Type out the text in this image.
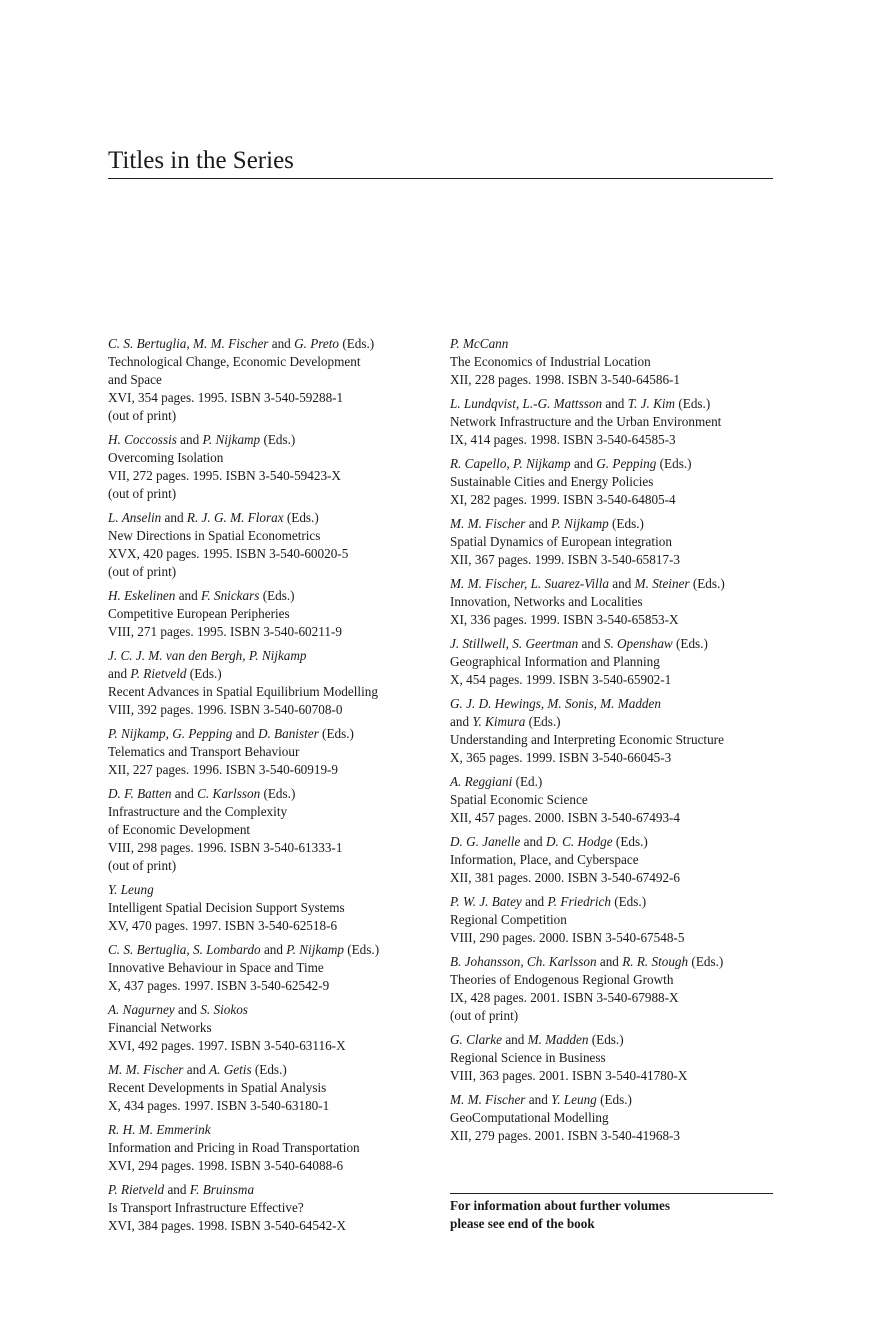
Titles in the Series
C. S. Bertuglia, M. M. Fischer and G. Preto (Eds.)
Technological Change, Economic Development
and Space
XVI, 354 pages. 1995. ISBN 3-540-59288-1
(out of print)
H. Coccossis and P. Nijkamp (Eds.)
Overcoming Isolation
VII, 272 pages. 1995. ISBN 3-540-59423-X
(out of print)
L. Anselin and R. J. G. M. Florax (Eds.)
New Directions in Spatial Econometrics
XVX, 420 pages. 1995. ISBN 3-540-60020-5
(out of print)
H. Eskelinen and F. Snickars (Eds.)
Competitive European Peripheries
VIII, 271 pages. 1995. ISBN 3-540-60211-9
J. C. J. M. van den Bergh, P. Nijkamp
and P. Rietveld (Eds.)
Recent Advances in Spatial Equilibrium Modelling
VIII, 392 pages. 1996. ISBN 3-540-60708-0
P. Nijkamp, G. Pepping and D. Banister (Eds.)
Telematics and Transport Behaviour
XII, 227 pages. 1996. ISBN 3-540-60919-9
D. F. Batten and C. Karlsson (Eds.)
Infrastructure and the Complexity
of Economic Development
VIII, 298 pages. 1996. ISBN 3-540-61333-1
(out of print)
Y. Leung
Intelligent Spatial Decision Support Systems
XV, 470 pages. 1997. ISBN 3-540-62518-6
C. S. Bertuglia, S. Lombardo and P. Nijkamp (Eds.)
Innovative Behaviour in Space and Time
X, 437 pages. 1997. ISBN 3-540-62542-9
A. Nagurney and S. Siokos
Financial Networks
XVI, 492 pages. 1997. ISBN 3-540-63116-X
M. M. Fischer and A. Getis (Eds.)
Recent Developments in Spatial Analysis
X, 434 pages. 1997. ISBN 3-540-63180-1
R. H. M. Emmerink
Information and Pricing in Road Transportation
XVI, 294 pages. 1998. ISBN 3-540-64088-6
P. Rietveld and F. Bruinsma
Is Transport Infrastructure Effective?
XVI, 384 pages. 1998. ISBN 3-540-64542-X
P. McCann
The Economics of Industrial Location
XII, 228 pages. 1998. ISBN 3-540-64586-1
L. Lundqvist, L.-G. Mattsson and T. J. Kim (Eds.)
Network Infrastructure and the Urban Environment
IX, 414 pages. 1998. ISBN 3-540-64585-3
R. Capello, P. Nijkamp and G. Pepping (Eds.)
Sustainable Cities and Energy Policies
XI, 282 pages. 1999. ISBN 3-540-64805-4
M. M. Fischer and P. Nijkamp (Eds.)
Spatial Dynamics of European integration
XII, 367 pages. 1999. ISBN 3-540-65817-3
M. M. Fischer, L. Suarez-Villa and M. Steiner (Eds.)
Innovation, Networks and Localities
XI, 336 pages. 1999. ISBN 3-540-65853-X
J. Stillwell, S. Geertman and S. Openshaw (Eds.)
Geographical Information and Planning
X, 454 pages. 1999. ISBN 3-540-65902-1
G. J. D. Hewings, M. Sonis, M. Madden
and Y. Kimura (Eds.)
Understanding and Interpreting Economic Structure
X, 365 pages. 1999. ISBN 3-540-66045-3
A. Reggiani (Ed.)
Spatial Economic Science
XII, 457 pages. 2000. ISBN 3-540-67493-4
D. G. Janelle and D. C. Hodge (Eds.)
Information, Place, and Cyberspace
XII, 381 pages. 2000. ISBN 3-540-67492-6
P. W. J. Batey and P. Friedrich (Eds.)
Regional Competition
VIII, 290 pages. 2000. ISBN 3-540-67548-5
B. Johansson, Ch. Karlsson and R. R. Stough (Eds.)
Theories of Endogenous Regional Growth
IX, 428 pages. 2001. ISBN 3-540-67988-X
(out of print)
G. Clarke and M. Madden (Eds.)
Regional Science in Business
VIII, 363 pages. 2001. ISBN 3-540-41780-X
M. M. Fischer and Y. Leung (Eds.)
GeoComputational Modelling
XII, 279 pages. 2001. ISBN 3-540-41968-3
For information about further volumes
please see end of the book
